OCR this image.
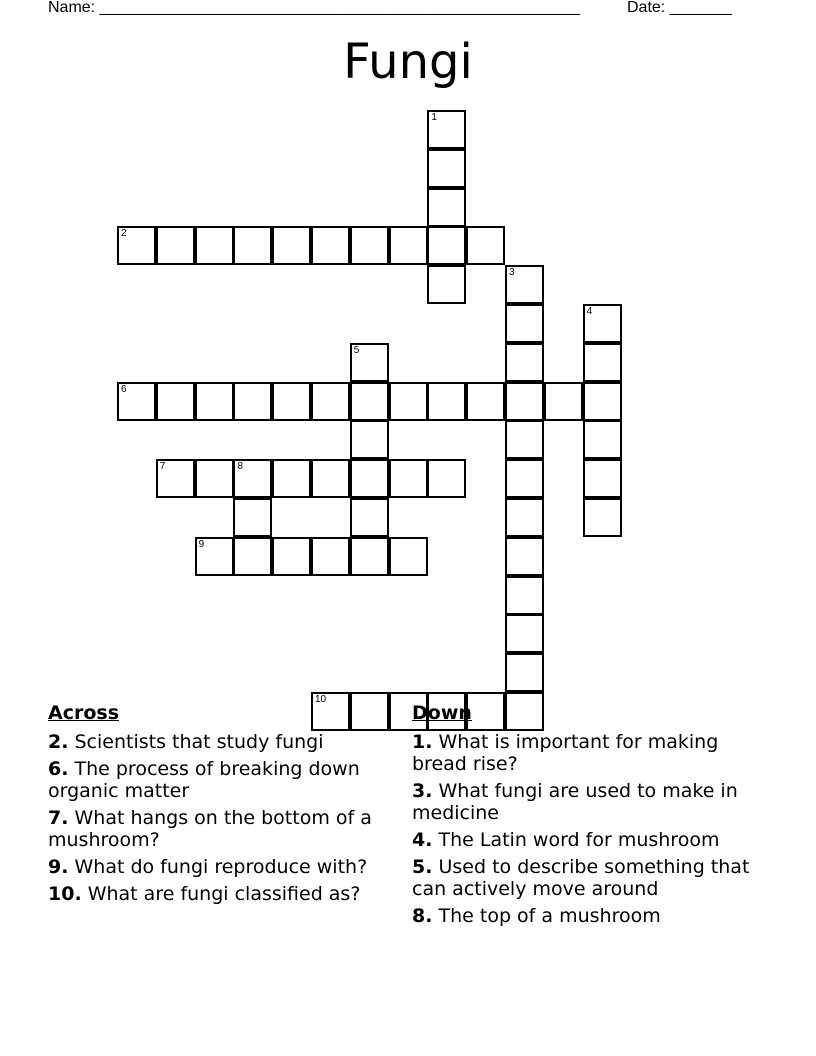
Name: ______________________________________________________	Date: _______
Fungi
1
2
3
4
5
6
7	8
9
10
Across
2. Scientists that study fungi
6. The process of breaking down organic matter
7. What hangs on the bottom of a mushroom?
9. What do fungi reproduce with?
10. What are fungi classified as?
Down
1. What is important for making bread rise?
3. What fungi are used to make in medicine
4. The Latin word for mushroom
5. Used to describe something that can actively move around
8. The top of a mushroom
